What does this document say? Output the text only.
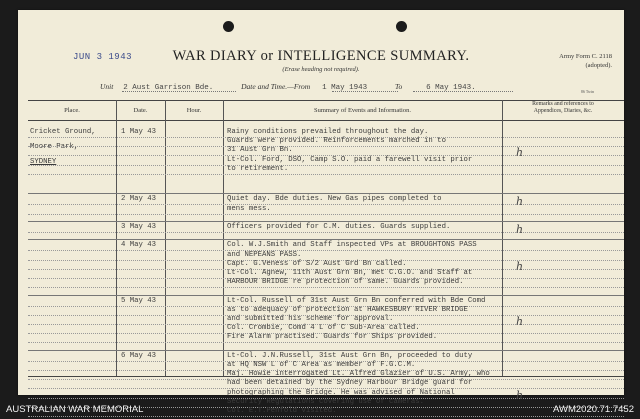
JUN 3 1943	WAR DIARY or INTELLIGENCE SUMMARY.
(Erase heading not required).
Army Form C. 2118
(adopted).
86 Twin
Unit 2 Aust Garrison Bde.	Date and Time.—From 1 May 1943	To	6 May 1943.
Place.	Date.	Hour.	Summary of Events and Information.
Remarks and references to
Appendices, Diaries, &c.
Cricket Ground,
Moore Park,
SYDNEY
1 May 43	Rainy conditions prevailed throughout the day.
Guards were provided. Reinforcements marched in to
31 Aust Grn Bn.
Lt-Col. Ford, DSO, Camp S.O. paid a farewell visit prior
to retirement.
h
2 May 43	Quiet day. Bde duties. New Gas pipes completed to
mens mess.
h
3 May 43	Officers provided for C.M. duties. Guards supplied.	h
4 May 43	Col. W.J.Smith and Staff inspected VPs at BROUGHTONS PASS
and NEPEANS PASS.
Capt. G.Veness of S/2 Aust Grd Bn called.
Lt-Col. Agnew, 11th Aust Grn Bn, met C.G.O. and Staff at
HARBOUR BRIDGE re protection of same. Guards provided.
h
5 May 43	Lt-Col. Russell of 31st Aust Grn Bn conferred with Bde Comd
as to adequacy of protection at HAWKESBURY RIVER BRIDGE
and submitted his scheme for approval.
Col. Crombie, Comd 4 L of C Sub-Area called.
Fire Alarm practised. Guards for Ships provided.
h
6 May 43	Lt-Col. J.N.Russell, 31st Aust Grn Bn, proceeded to duty
at HQ NSW L of C Area as member of F.G.C.M.
Maj. Howie interrogated Lt. Alfred Glazier of U.S. Army, who
had been detained by the Sydney Harbour Bridge guard for
photographing the Bridge. He was advised of National
Security Regulations covering use of cameras.
Col. E.T.Penfold visited.
h
AUSTRALIAN WAR MEMORIAL	AWM2020.71.7452
